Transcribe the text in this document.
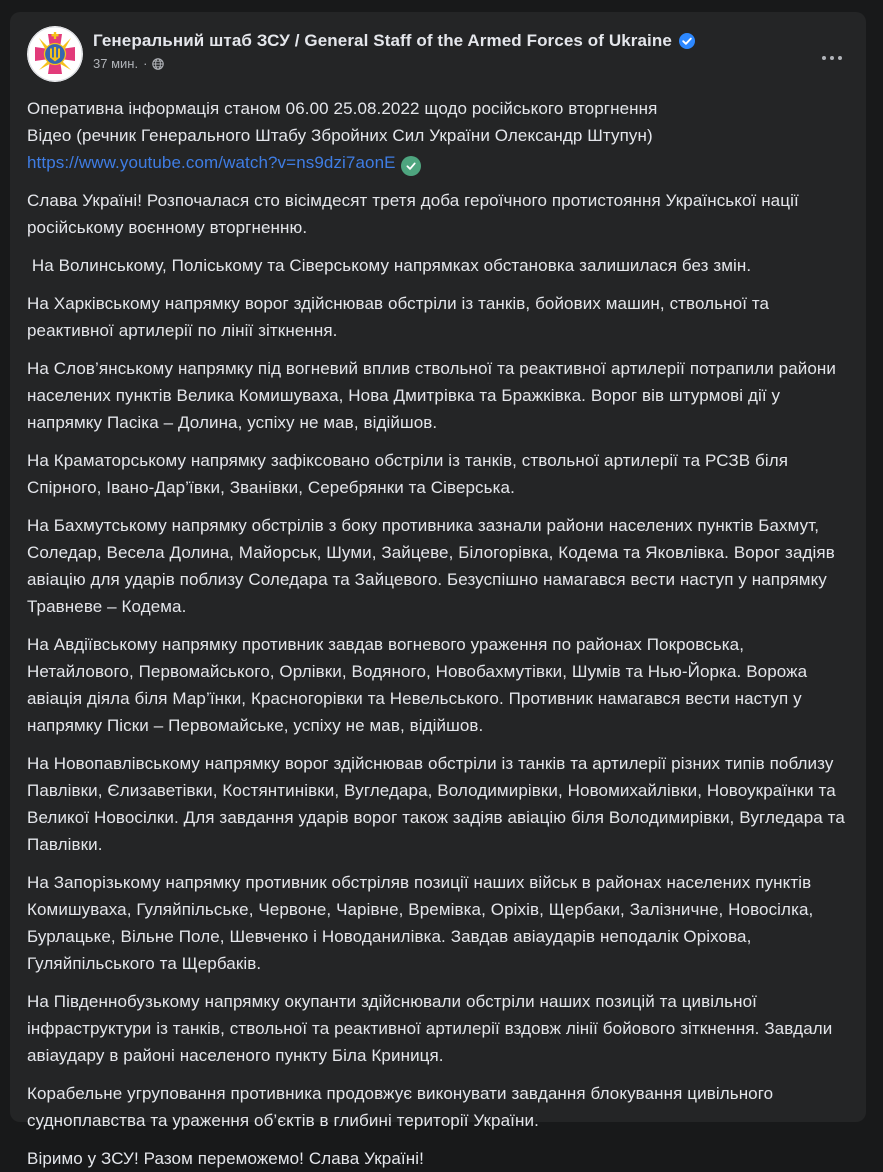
Генеральний штаб ЗСУ / General Staff of the Armed Forces of Ukraine
37 мин. ·

Оперативна інформація станом 06.00 25.08.2022 щодо російського вторгнення
Відео (речник Генерального Штабу Збройних Сил України Олександр Штупун)
https://www.youtube.com/watch?v=ns9dzi7aonE

Слава Україні! Розпочалася сто вісімдесят третя доба героїчного протистояння Української нації російському воєнному вторгненню.

На Волинському, Поліському та Сіверському напрямках обстановка залишилася без змін.

На Харківському напрямку ворог здійснював обстріли із танків, бойових машин, ствольної та реактивної артилерії по лінії зіткнення.

На Слов’янському напрямку під вогневий вплив ствольної та реактивної артилерії потрапили райони населених пунктів Велика Комишуваха, Нова Дмитрівка та Бражківка. Ворог вів штурмові дії у напрямку Пасіка – Долина, успіху не мав, відійшов.

На Краматорському напрямку зафіксовано обстріли із танків, ствольної артилерії та РСЗВ біля Спірного, Івано-Дар’ївки, Званівки, Серебрянки та Сіверська.

На Бахмутському напрямку обстрілів з боку противника зазнали райони населених пунктів Бахмут, Соледар, Весела Долина, Майорськ, Шуми, Зайцеве, Білогорівка, Кодема та Яковлівка. Ворог задіяв авіацію для ударів поблизу Соледара та Зайцевого. Безуспішно намагався вести наступ у напрямку Травневе – Кодема.

На Авдіївському напрямку противник завдав вогневого ураження по районах Покровська, Нетайлового, Первомайського, Орлівки, Водяного, Новобахмутівки, Шумів та Нью-Йорка. Ворожа авіація діяла біля Мар’їнки, Красногорівки та Невельського. Противник намагався вести наступ у напрямку Піски – Первомайське, успіху не мав, відійшов.

На Новопавлівському напрямку ворог здійснював обстріли із танків та артилерії різних типів поблизу Павлівки, Єлизаветівки, Костянтинівки, Вугледара, Володимирівки, Новомихайлівки, Новоукраїнки та Великої Новосілки. Для завдання ударів ворог також задіяв авіацію біля Володимирівки, Вугледара та Павлівки.

На Запорізькому напрямку противник обстріляв позиції наших військ в районах населених пунктів Комишуваха, Гуляйпільське, Червоне, Чарівне, Времівка, Оріхів, Щербаки, Залізничне, Новосілка, Бурлацьке, Вільне Поле, Шевченко і Новоданилівка. Завдав авіаударів неподалік Оріхова, Гуляйпільського та Щербаків.

На Південнобузькому напрямку окупанти здійснювали обстріли наших позицій та цивільної інфраструктури із танків, ствольної та реактивної артилерії вздовж лінії бойового зіткнення. Завдали авіаудару в районі населеного пункту Біла Криниця.

Корабельне угруповання противника продовжує виконувати завдання блокування цивільного судноплавства та ураження об’єктів в глибині території України.

Віримо у ЗСУ! Разом переможемо! Слава Україні!
